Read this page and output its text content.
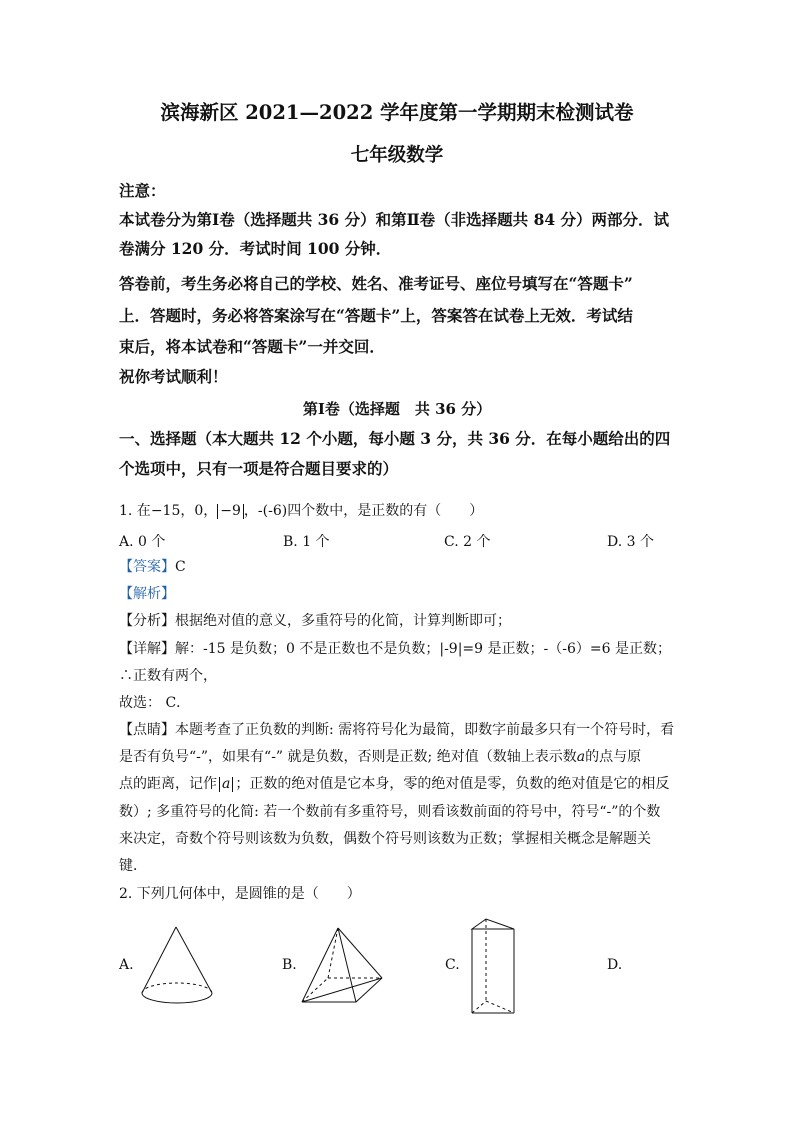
滨海新区 2021—2022 学年度第一学期期末检测试卷
七年级数学
注意：
本试卷分为第Ⅰ卷（选择题共 36 分）和第Ⅱ卷（非选择题共 84 分）两部分．试
卷满分 120 分．考试时间 100 分钟．
答卷前，考生务必将自己的学校、姓名、准考证号、座位号填写在“答题卡”
上．答题时，务必将答案涂写在“答题卡”上，答案答在试卷上无效．考试结
束后，将本试卷和“答题卡”一并交回．
祝你考试顺利！
第Ⅰ卷（选择题　共 36 分）
一、选择题（本大题共 12 个小题，每小题 3 分，共 36 分．在每小题给出的四
个选项中，只有一项是符合题目要求的）
1. 在−15，0， −9 ，-(-6)四个数中，是正数的有（　　）
A. 0 个	B. 1 个	C. 2 个	D. 3 个
【答案】C
【解析】
【分析】根据绝对值的意义，多重符号的化简，计算判断即可；
【详解】解：-15 是负数；0 不是正数也不是负数；|-9|=9 是正数；-（-6）=6 是正数；
∴正数有两个，
故选： C．
【点睛】本题考查了正负数的判断: 需将符号化为最简，即数字前最多只有一个符号时，看
是否有负号“-”，如果有“-” 就是负数，否则是正数; 绝对值（数轴上表示数a的点与原
点的距离，记作 a ；正数的绝对值是它本身，零的绝对值是零，负数的绝对值是它的相反
数）; 多重符号的化简: 若一个数前有多重符号，则看该数前面的符号中，符号“-”的个数
来决定，奇数个符号则该数为负数，偶数个符号则该数为正数；掌握相关概念是解题关
键．
2. 下列几何体中，是圆锥的是（　　）
A.	B.	C.	D.
